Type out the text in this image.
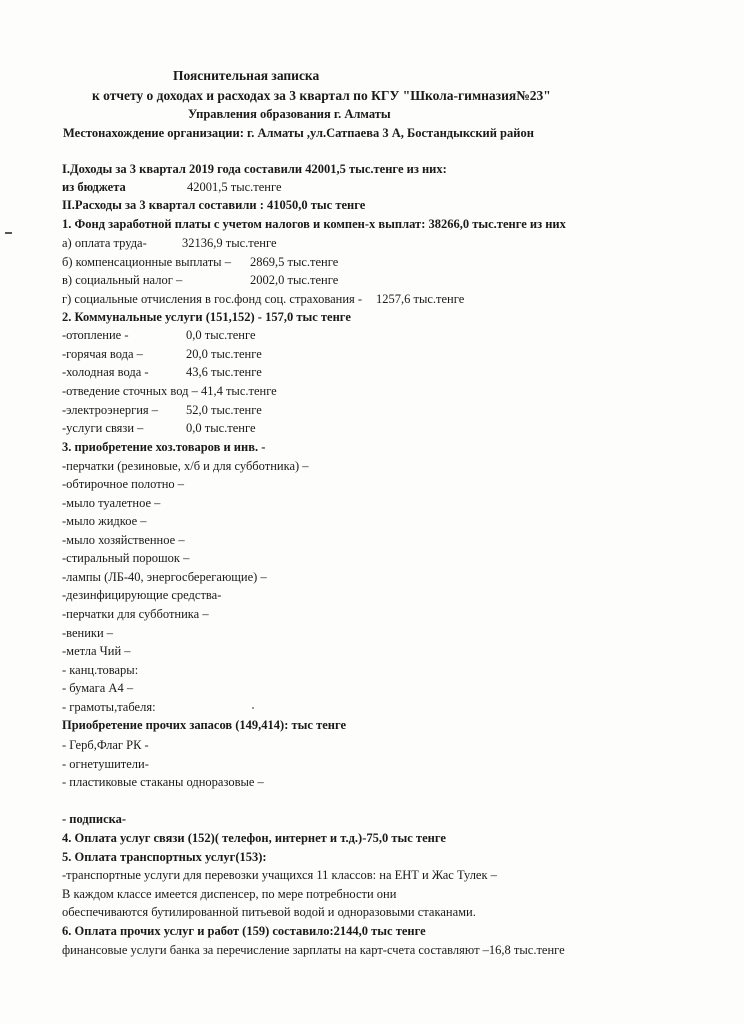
Пояснительная записка
к отчету о доходах и расходах за 3 квартал по КГУ "Школа-гимназия№23"
Управления образования г. Алматы
Местонахождение организации: г. Алматы ,ул.Сатпаева 3 А, Бостандыкский район
I.Доходы за 3 квартал 2019 года составили 42001,5 тыс.тенге из них:
из бюджета	42001,5 тыс.тенге
II.Расходы за 3 квартал составили : 41050,0 тыс тенге
1. Фонд заработной платы с учетом налогов и компен-х выплат: 38266,0 тыс.тенге из них
а) оплата труда-	32136,9 тыс.тенге
б) компенсационные выплаты – 2869,5 тыс.тенге
в) социальный налог –	2002,0 тыс.тенге
г) социальные отчисления в гос.фонд соц. страхования - 1257,6 тыс.тенге
2. Коммунальные услуги (151,152) - 157,0 тыс тенге
-отопление -	0,0 тыс.тенге
-горячая вода –	20,0 тыс.тенге
-холодная вода -	43,6 тыс.тенге
-отведение сточных вод – 41,4 тыс.тенге
-электроэнергия – 52,0 тыс.тенге
-услуги связи –	0,0 тыс.тенге
3. приобретение хоз.товаров и инв. -
-перчатки (резиновые, х/б и для субботника) –
-обтирочное полотно –
-мыло туалетное –
-мыло жидкое –
-мыло хозяйственное –
-стиральный порошок –
-лампы (ЛБ-40, энергосберегающие) –
-дезинфицирующие средства-
-перчатки для субботника –
-веники –
-метла Чий –
- канц.товары:
- бумага А4 –
- грамоты,табеля:
Приобретение прочих запасов (149,414): тыс тенге
- Герб,Флаг РК -
- огнетушители-
- пластиковые стаканы одноразовые –
- подписка-
4. Оплата услуг связи (152)( телефон, интернет и т.д.)-75,0 тыс тенге
5. Оплата транспортных услуг(153):
-транспортные услуги для перевозки учащихся 11 классов: на ЕНТ и Жас Тулек –
В каждом классе имеется диспенсер, по мере потребности они
обеспечиваются бутилированной питьевой водой и одноразовыми стаканами.
6. Оплата прочих услуг и работ (159) составило:2144,0 тыс тенге
финансовые услуги банка за перечисление зарплаты на карт-счета составляют –16,8 тыс.тенге
